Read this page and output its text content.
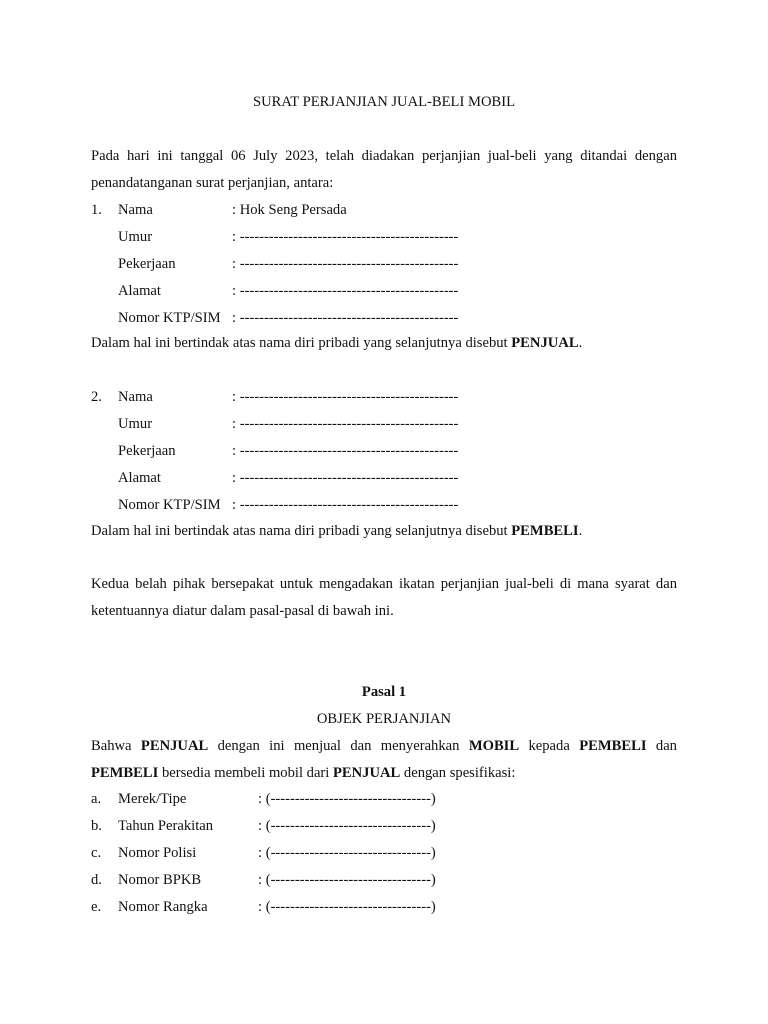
SURAT PERJANJIAN JUAL-BELI MOBIL
Pada hari ini tanggal 06 July 2023, telah diadakan perjanjian jual-beli yang ditandai dengan
penandatanganan surat perjanjian, antara:
1. Nama	: Hok Seng Persada
Umur	: ---------------------------------------------
Pekerjaan	: ---------------------------------------------
Alamat	: ---------------------------------------------
Nomor KTP/SIM : ---------------------------------------------
Dalam hal ini bertindak atas nama diri pribadi yang selanjutnya disebut PENJUAL.
2. Nama	: ---------------------------------------------
Umur	: ---------------------------------------------
Pekerjaan	: ---------------------------------------------
Alamat	: ---------------------------------------------
Nomor KTP/SIM : ---------------------------------------------
Dalam hal ini bertindak atas nama diri pribadi yang selanjutnya disebut PEMBELI.
Kedua belah pihak bersepakat untuk mengadakan ikatan perjanjian jual-beli di mana syarat dan
ketentuannya diatur dalam pasal-pasal di bawah ini.
Pasal 1
OBJEK PERJANJIAN
Bahwa PENJUAL dengan ini menjual dan menyerahkan MOBIL kepada PEMBELI dan
PEMBELI bersedia membeli mobil dari PENJUAL dengan spesifikasi:
a. Merek/Tipe	: (---------------------------------)
b. Tahun Perakitan	: (---------------------------------)
c. Nomor Polisi	: (---------------------------------)
d. Nomor BPKB	: (---------------------------------)
e. Nomor Rangka	: (---------------------------------)
